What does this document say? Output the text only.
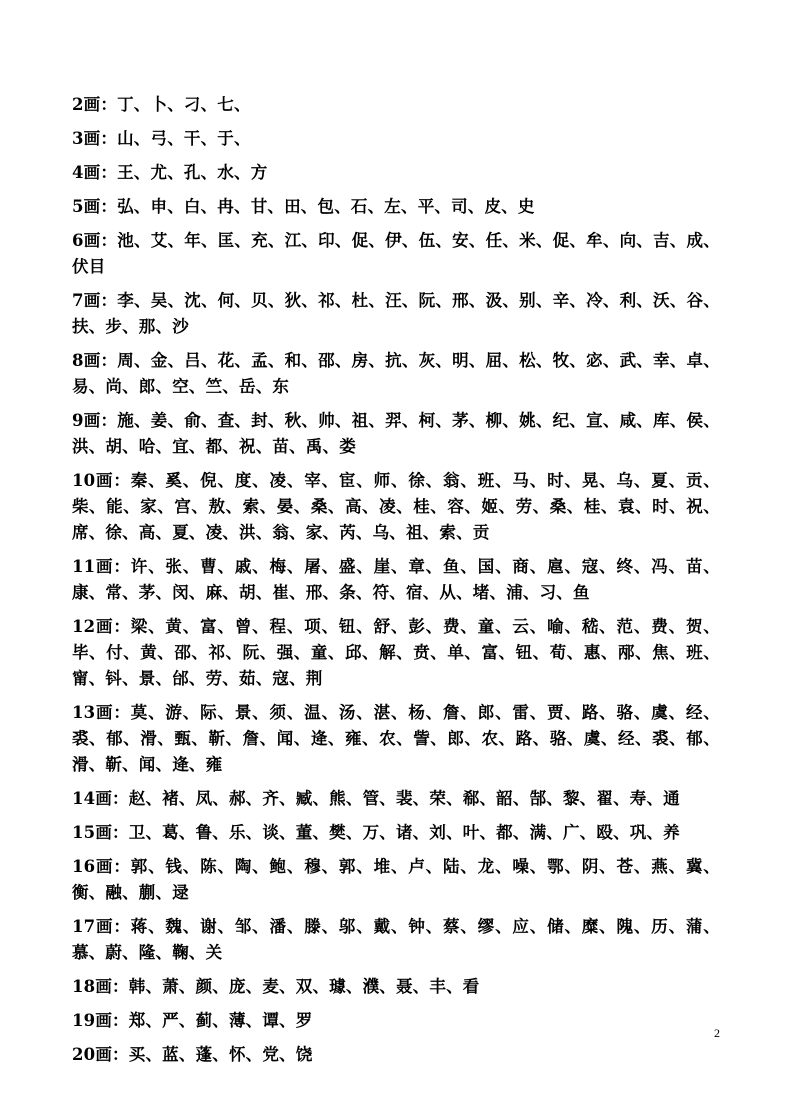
2画：丁、卜、刁、七、

3画：山、弓、干、于、

4画：王、尤、孔、水、方

5画：弘、申、白、冉、甘、田、包、石、左、平、司、皮、史

6画：池、艾、年、匡、充、江、印、促、伊、伍、安、任、米、促、牟、向、吉、成、伏目

7画：李、吴、沈、何、贝、狄、祁、杜、汪、阮、邢、汲、别、辛、冷、利、沃、谷、扶、步、那、沙

8画：周、金、吕、花、孟、和、邵、房、抗、灰、明、屈、松、牧、宓、武、幸、卓、易、尚、郎、空、竺、岳、东

9画：施、姜、俞、查、封、秋、帅、祖、羿、柯、茅、柳、姚、纪、宣、咸、库、侯、洪、胡、哈、宜、都、祝、苗、禹、娄

10画：秦、奚、倪、度、凌、宰、宦、师、徐、翁、班、马、时、晃、乌、夏、贡、柴、能、家、宫、敖、索、晏、桑、高、凌、桂、容、姬、劳、桑、桂、袁、时、祝、席、徐、高、夏、凌、洪、翁、家、芮、乌、祖、索、贡

11画：许、张、曹、戚、梅、屠、盛、崖、章、鱼、国、商、扈、寇、终、冯、苗、康、常、茅、闵、麻、胡、崔、邢、条、符、宿、从、堵、浦、习、鱼

12画：梁、黄、富、曾、程、项、钮、舒、彭、费、童、云、喻、嵇、范、费、贺、毕、付、黄、邵、祁、阮、强、童、邱、解、贲、单、富、钮、荀、惠、邴、焦、班、甯、钭、景、邰、劳、茹、寇、荆

13画：莫、游、际、景、须、温、汤、湛、杨、詹、郎、雷、贾、路、骆、虞、经、裘、郁、滑、甄、靳、詹、闻、逄、雍、农、訾、郎、农、路、骆、虞、经、裘、郁、滑、靳、闻、逄、雍

14画：赵、褚、凤、郝、齐、臧、熊、管、裴、荣、郗、韶、郜、黎、翟、寿、通

15画：卫、葛、鲁、乐、谈、董、樊、万、诸、刘、叶、都、满、广、殴、巩、养

16画：郭、钱、陈、陶、鲍、穆、郭、堆、卢、陆、龙、噪、鄂、阴、苍、燕、冀、衡、融、蒯、逯

17画：蒋、魏、谢、邹、潘、滕、邬、戴、钟、蔡、缪、应、储、糜、隗、历、蒲、慕、蔚、隆、鞠、关

18画：韩、萧、颜、庞、麦、双、璩、濮、聂、丰、看

19画：郑、严、蓟、薄、谭、罗

20画：买、蓝、蓬、怀、党、饶

2
